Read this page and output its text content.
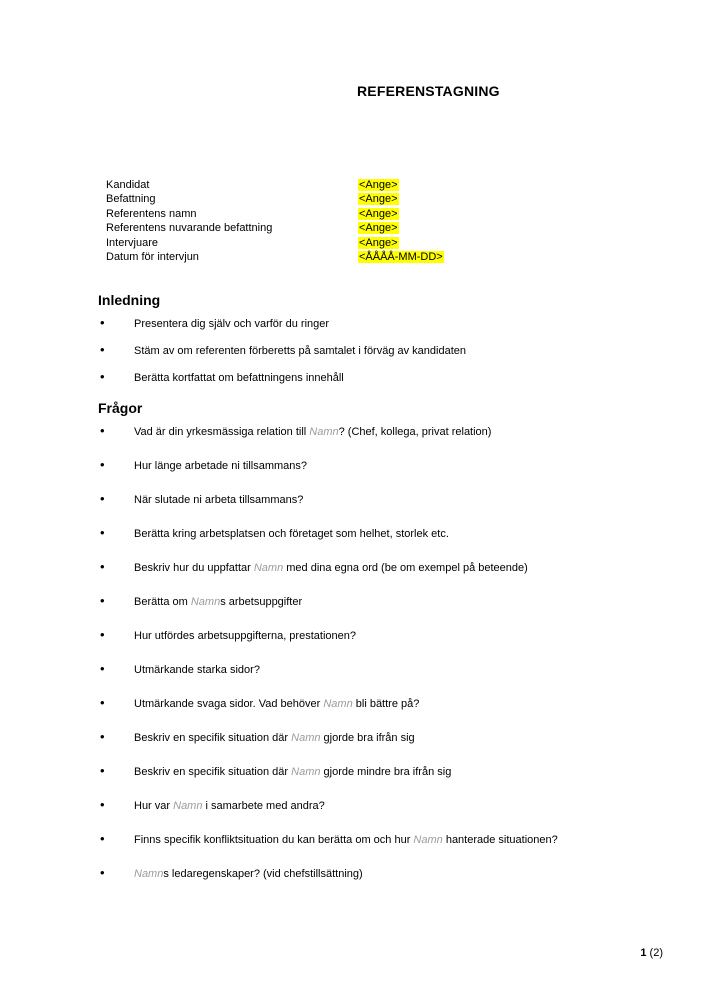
REFERENSTAGNING
Kandidat	<Ange>
Befattning	<Ange>
Referentens namn	<Ange>
Referentens nuvarande befattning	<Ange>
Intervjuare	<Ange>
Datum för intervjun	<ÅÅÅÅ-MM-DD>
Inledning
• Presentera dig själv och varför du ringer
• Stäm av om referenten förberetts på samtalet i förväg av kandidaten
• Berätta kortfattat om befattningens innehåll
Frågor
• Vad är din yrkesmässiga relation till Namn? (Chef, kollega, privat relation)
• Hur länge arbetade ni tillsammans?
• När slutade ni arbeta tillsammans?
• Berätta kring arbetsplatsen och företaget som helhet, storlek etc.
• Beskriv hur du uppfattar Namn med dina egna ord (be om exempel på beteende)
• Berätta om Namns arbetsuppgifter
• Hur utfördes arbetsuppgifterna, prestationen?
• Utmärkande starka sidor?
• Utmärkande svaga sidor. Vad behöver Namn bli bättre på?
• Beskriv en specifik situation där Namn gjorde bra ifrån sig
• Beskriv en specifik situation där Namn gjorde mindre bra ifrån sig
• Hur var Namn i samarbete med andra?
• Finns specifik konfliktsituation du kan berätta om och hur Namn hanterade situationen?
• Namns ledaregenskaper? (vid chefstillsättning)
1 (2)
